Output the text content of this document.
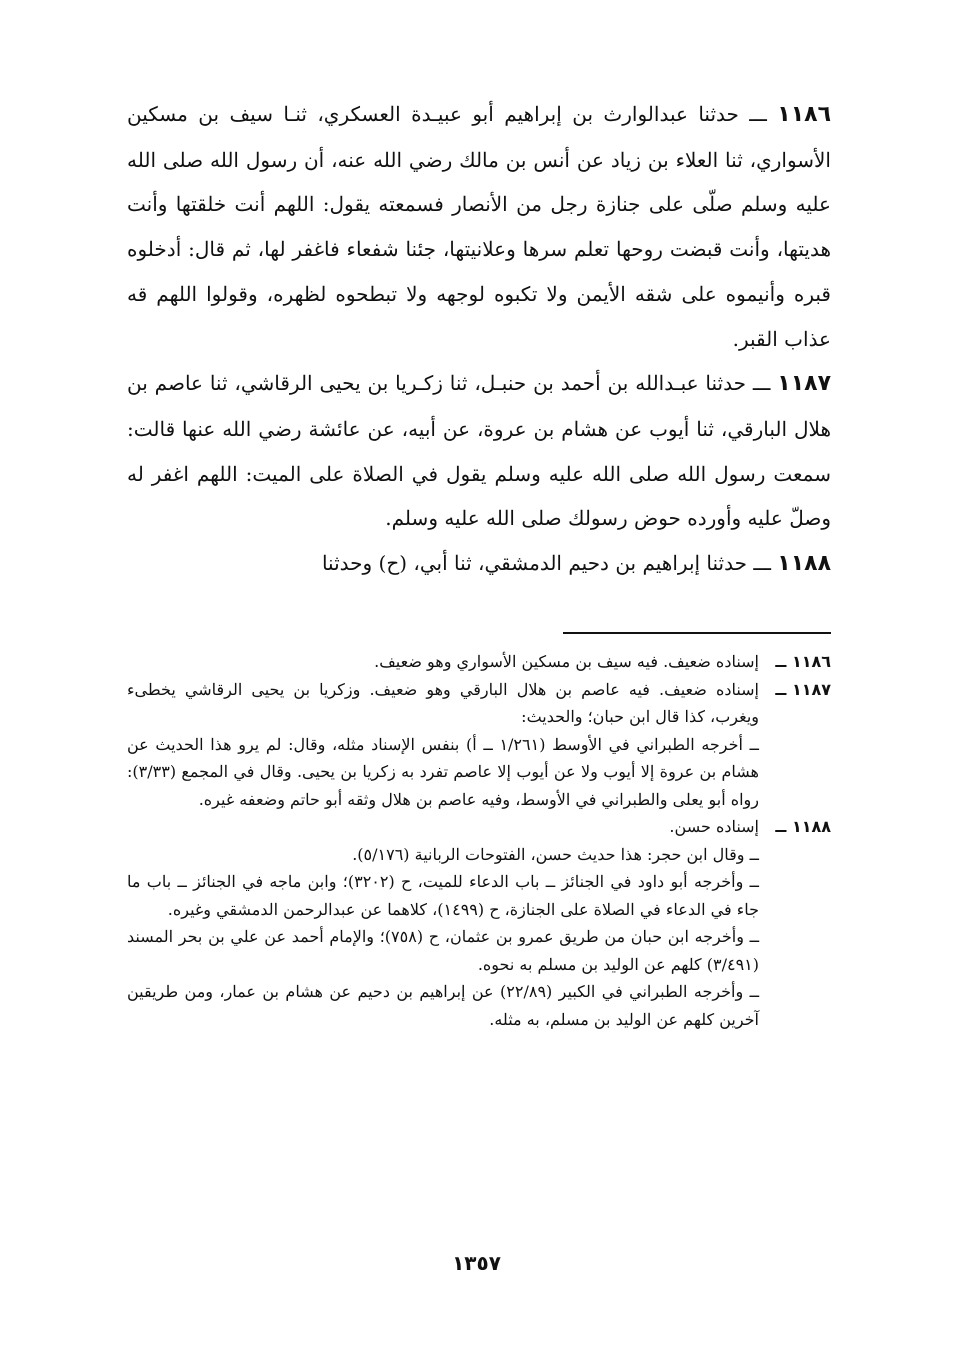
١١٨٦ ـــ حدثنا عبدالوارث بن إبراهيم أبو عبيـدة العسكري، ثنـا سيف بن مسكين الأسواري، ثنا العلاء بن زياد عن أنس بن مالك رضي الله عنه، أن رسول الله صلى الله عليه وسلم صلّى على جنازة رجل من الأنصار فسمعته يقول: اللهم أنت خلقتها وأنت هديتها، وأنت قبضت روحها تعلم سرها وعلانيتها، جئنا شفعاء فاغفر لها، ثم قال: أدخلوه قبره وأنيموه على شقه الأيمن ولا تكبوه لوجهه ولا تبطحوه لظهره، وقولوا اللهم قه عذاب القبر.

١١٨٧ ـــ حدثنا عبـدالله بن أحمد بن حنبـل، ثنا زكـريا بن يحيى الرقاشي، ثنا عاصم بن هلال البارقي، ثنا أيوب عن هشام بن عروة، عن أبيه، عن عائشة رضي الله عنها قالت: سمعت رسول الله صلى الله عليه وسلم يقول في الصلاة على الميت: اللهم اغفر له وصلّ عليه وأورده حوض رسولك صلى الله عليه وسلم.

١١٨٨ ـــ حدثنا إبراهيم بن دحيم الدمشقي، ثنا أبي، (ح) وحدثنا

١١٨٦ ــ

إسناده ضعيف. فيه سيف بن مسكين الأسواري وهو ضعيف.

١١٨٧ ــ

إسناده ضعيف. فيه عاصم بن هلال البارقي وهو ضعيف. وزكريا بن يحيى الرقاشي يخطىء ويغرب، كذا قال ابن حبان؛ والحديث:

ــ أخرجه الطبراني في الأوسط (١/٢٦١ ــ أ) بنفس الإسناد مثله، وقال: لم يرو هذا الحديث عن هشام بن عروة إلا أيوب ولا عن أيوب إلا عاصم تفرد به زكريا بن يحيى. وقال في المجمع (٣/٣٣): رواه أبو يعلى والطبراني في الأوسط، وفيه عاصم بن هلال وثقه أبو حاتم وضعفه غيره.

١١٨٨ ــ

إسناده حسن.

ــ وقال ابن حجر: هذا حديث حسن، الفتوحات الربانية (٥/١٧٦).

ــ وأخرجه أبو داود في الجنائز ــ باب الدعاء للميت، ح (٣٢٠٢)؛ وابن ماجه في الجنائز ــ باب ما جاء في الدعاء في الصلاة على الجنازة، ح (١٤٩٩)، كلاهما عن عبدالرحمن الدمشقي وغيره.

ــ وأخرجه ابن حبان من طريق عمرو بن عثمان، ح (٧٥٨)؛ والإمام أحمد عن علي بن بحر المسند (٣/٤٩١) كلهم عن الوليد بن مسلم به نحوه.

ــ وأخرجه الطبراني في الكبير (٢٢/٨٩) عن إبراهيم بن دحيم عن هشام بن عمار، ومن طريقين آخرين كلهم عن الوليد بن مسلم، به مثله.

١٣٥٧
